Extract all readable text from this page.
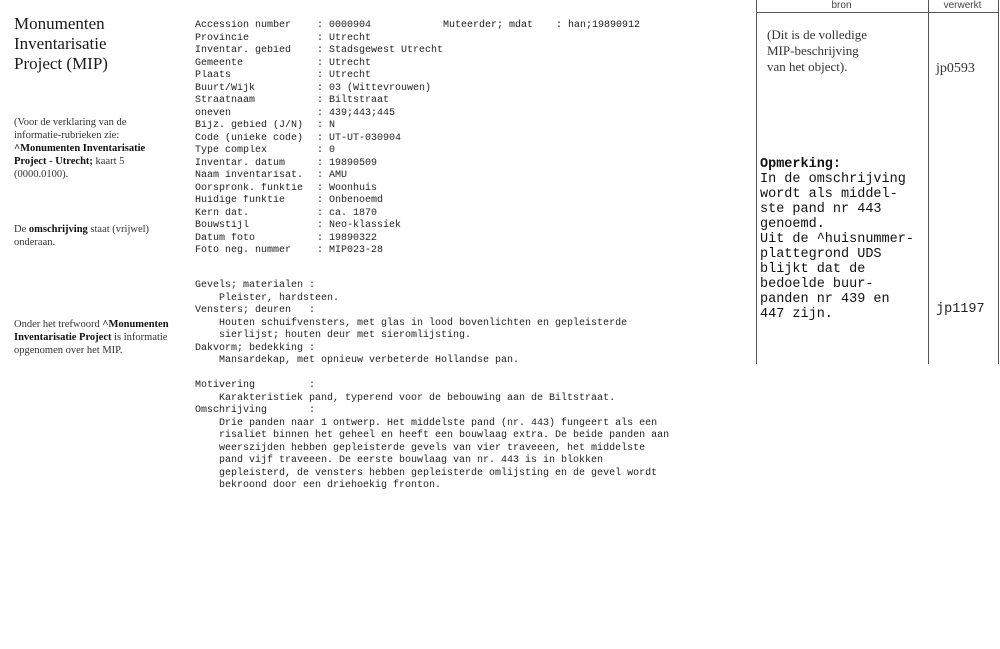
Monumenten
Inventarisatie
Project (MIP)
(Voor de verklaring van de informatie-rubrieken zie: ^Monumenten Inventarisatie Project - Utrecht; kaart 5 (0000.0100).
De omschrijving staat (vrijwel) onderaan.
Onder het trefwoord ^Monumenten Inventarisatie Project is informatie opgenomen over het MIP.
Accession number	: 0000904
Provincie	: Utrecht
Inventar. gebied	: Stadsgewest Utrecht
Gemeente	: Utrecht
Plaats	: Utrecht
Buurt/Wijk	: 03 (Wittevrouwen)
Straatnaam	: Biltstraat
oneven	: 439;443;445
Bijz. gebied (J/N)	: N
Code (unieke code)	: UT-UT-030904
Type complex	: 0
Inventar. datum	: 19890509
Naam inventarisat.	: AMU
Oorspronk. funktie	: Woonhuis
Huidige funktie	: Onbenoemd
Kern dat.	: ca. 1870
Bouwstijl	: Neo-klassiek
Datum foto	: 19890322
Foto neg. nummer	: MIP023-28
Muteerder; mdat : han;19890912
Gevels; materialen :
Pleister, hardsteen.
Vensters; deuren   :
Houten schuifvensters, met glas in lood bovenlichten en gepleisterde
sierlijst; houten deur met sieromlijsting.
Dakvorm; bedekking :
Mansardekap, met opnieuw verbeterde Hollandse pan.
Motivering         :
Karakteristiek pand, typerend voor de bebouwing aan de Biltstraat.
Omschrijving       :
Drie panden naar 1 ontwerp. Het middelste pand (nr. 443) fungeert als een
risaliet binnen het geheel en heeft een bouwlaag extra. De beide panden aan
weerszijden hebben gepleisterde gevels van vier traveeen, het middelste
pand vijf traveeen. De eerste bouwlaag van nr. 443 is in blokken
gepleisterd, de vensters hebben gepleisterde omlijsting en de gevel wordt
bekroond door een driehoekig fronton.
bron	verwerkt
(Dit is de volledige
MIP-beschrijving
van het object).	jp0593
Opmerking:
In de omschrijving
wordt als middel-
ste pand nr 443
genoemd.
Uit de ^huisnummer-
plattegrond UDS
blijkt dat de
bedoelde buur-
panden nr 439 en
447 zijn.	jp1197
